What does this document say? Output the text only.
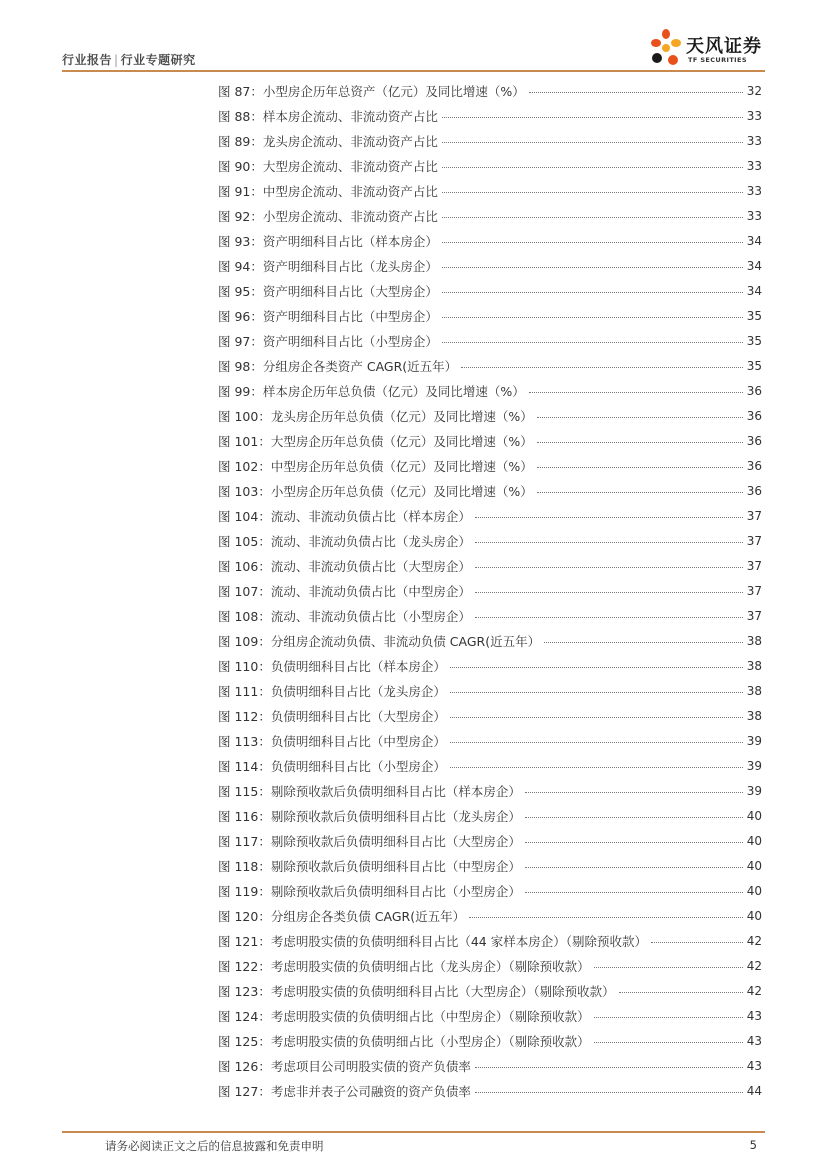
行业报告 | 行业专题研究
天风证券
TF SECURITIES
图 87：小型房企历年总资产（亿元）及同比增速（%）	32
图 88：样本房企流动、非流动资产占比	33
图 89：龙头房企流动、非流动资产占比	33
图 90：大型房企流动、非流动资产占比	33
图 91：中型房企流动、非流动资产占比	33
图 92：小型房企流动、非流动资产占比	33
图 93：资产明细科目占比（样本房企）	34
图 94：资产明细科目占比（龙头房企）	34
图 95：资产明细科目占比（大型房企）	34
图 96：资产明细科目占比（中型房企）	35
图 97：资产明细科目占比（小型房企）	35
图 98：分组房企各类资产 CAGR(近五年）	35
图 99：样本房企历年总负债（亿元）及同比增速（%）	36
图 100：龙头房企历年总负债（亿元）及同比增速（%）	36
图 101：大型房企历年总负债（亿元）及同比增速（%）	36
图 102：中型房企历年总负债（亿元）及同比增速（%）	36
图 103：小型房企历年总负债（亿元）及同比增速（%）	36
图 104：流动、非流动负债占比（样本房企）	37
图 105：流动、非流动负债占比（龙头房企）	37
图 106：流动、非流动负债占比（大型房企）	37
图 107：流动、非流动负债占比（中型房企）	37
图 108：流动、非流动负债占比（小型房企）	37
图 109：分组房企流动负债、非流动负债 CAGR(近五年）	38
图 110：负债明细科目占比（样本房企）	38
图 111：负债明细科目占比（龙头房企）	38
图 112：负债明细科目占比（大型房企）	38
图 113：负债明细科目占比（中型房企）	39
图 114：负债明细科目占比（小型房企）	39
图 115：剔除预收款后负债明细科目占比（样本房企）	39
图 116：剔除预收款后负债明细科目占比（龙头房企）	40
图 117：剔除预收款后负债明细科目占比（大型房企）	40
图 118：剔除预收款后负债明细科目占比（中型房企）	40
图 119：剔除预收款后负债明细科目占比（小型房企）	40
图 120：分组房企各类负债 CAGR(近五年）	40
图 121：考虑明股实债的负债明细科目占比（44 家样本房企）（剔除预收款）	42
图 122：考虑明股实债的负债明细占比（龙头房企）（剔除预收款）	42
图 123：考虑明股实债的负债明细科目占比（大型房企）（剔除预收款）	42
图 124：考虑明股实债的负债明细占比（中型房企）（剔除预收款）	43
图 125：考虑明股实债的负债明细占比（小型房企）（剔除预收款）	43
图 126：考虑项目公司明股实债的资产负债率	43
图 127：考虑非并表子公司融资的资产负债率	44
请务必阅读正文之后的信息披露和免责申明	5
